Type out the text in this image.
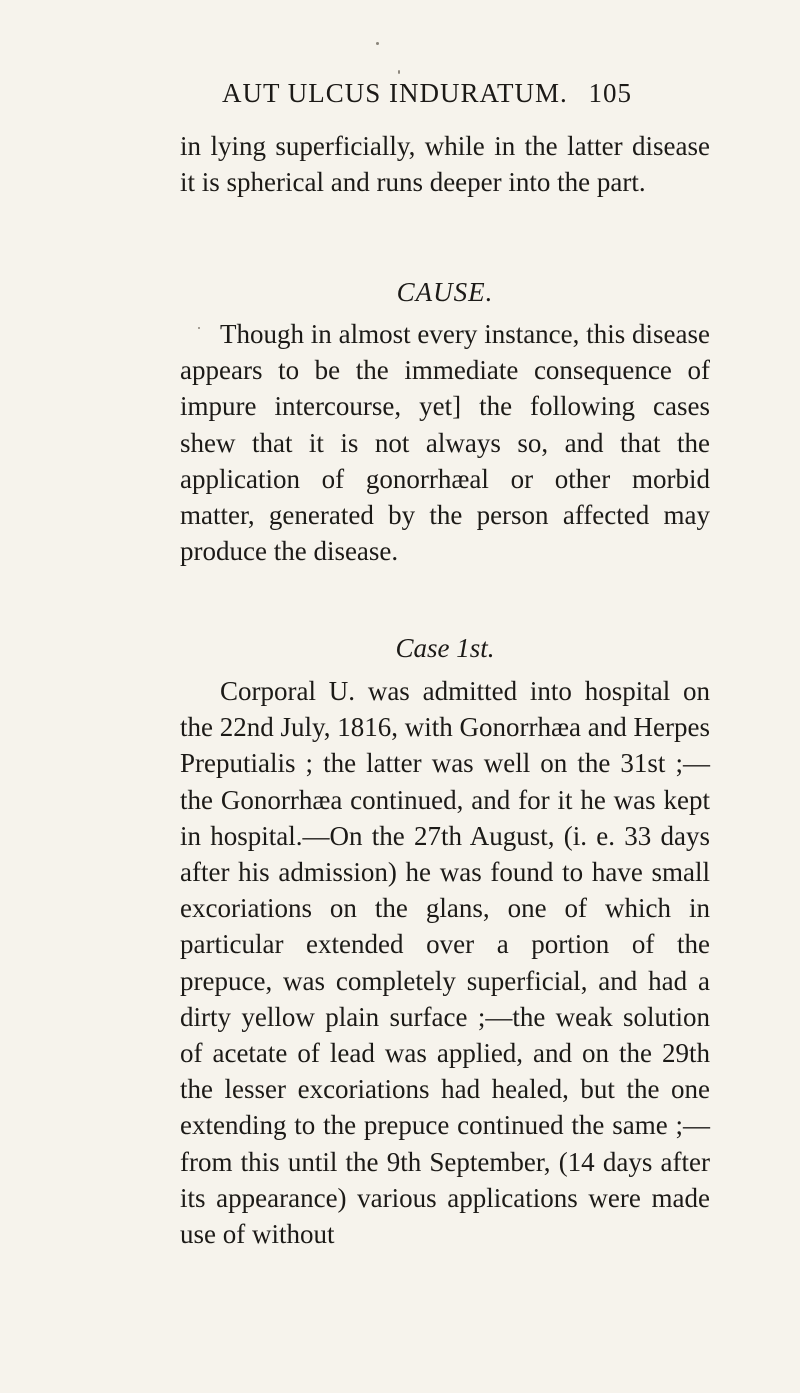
AUT ULCUS INDURATUM. 105

in lying superficially, while in the latter disease it is spherical and runs deeper into the part.

CAUSE.

Though in almost every instance, this disease appears to be the immediate consequence of impure intercourse, yet] the following cases shew that it is not always so, and that the application of gonorrhæal or other morbid matter, generated by the person affected may produce the disease.

Case 1st.

Corporal U. was admitted into hospital on the 22nd July, 1816, with Gonorrhæa and Herpes Preputialis ; the latter was well on the 31st ;—the Gonorrhæa continued, and for it he was kept in hospital.—On the 27th August, (i. e. 33 days after his admission) he was found to have small excoriations on the glans, one of which in particular extended over a portion of the prepuce, was completely superficial, and had a dirty yellow plain surface ;—the weak solution of acetate of lead was applied, and on the 29th the lesser excoriations had healed, but the one extending to the prepuce continued the same ;—from this until the 9th September, (14 days after its appearance) various applications were made use of without
